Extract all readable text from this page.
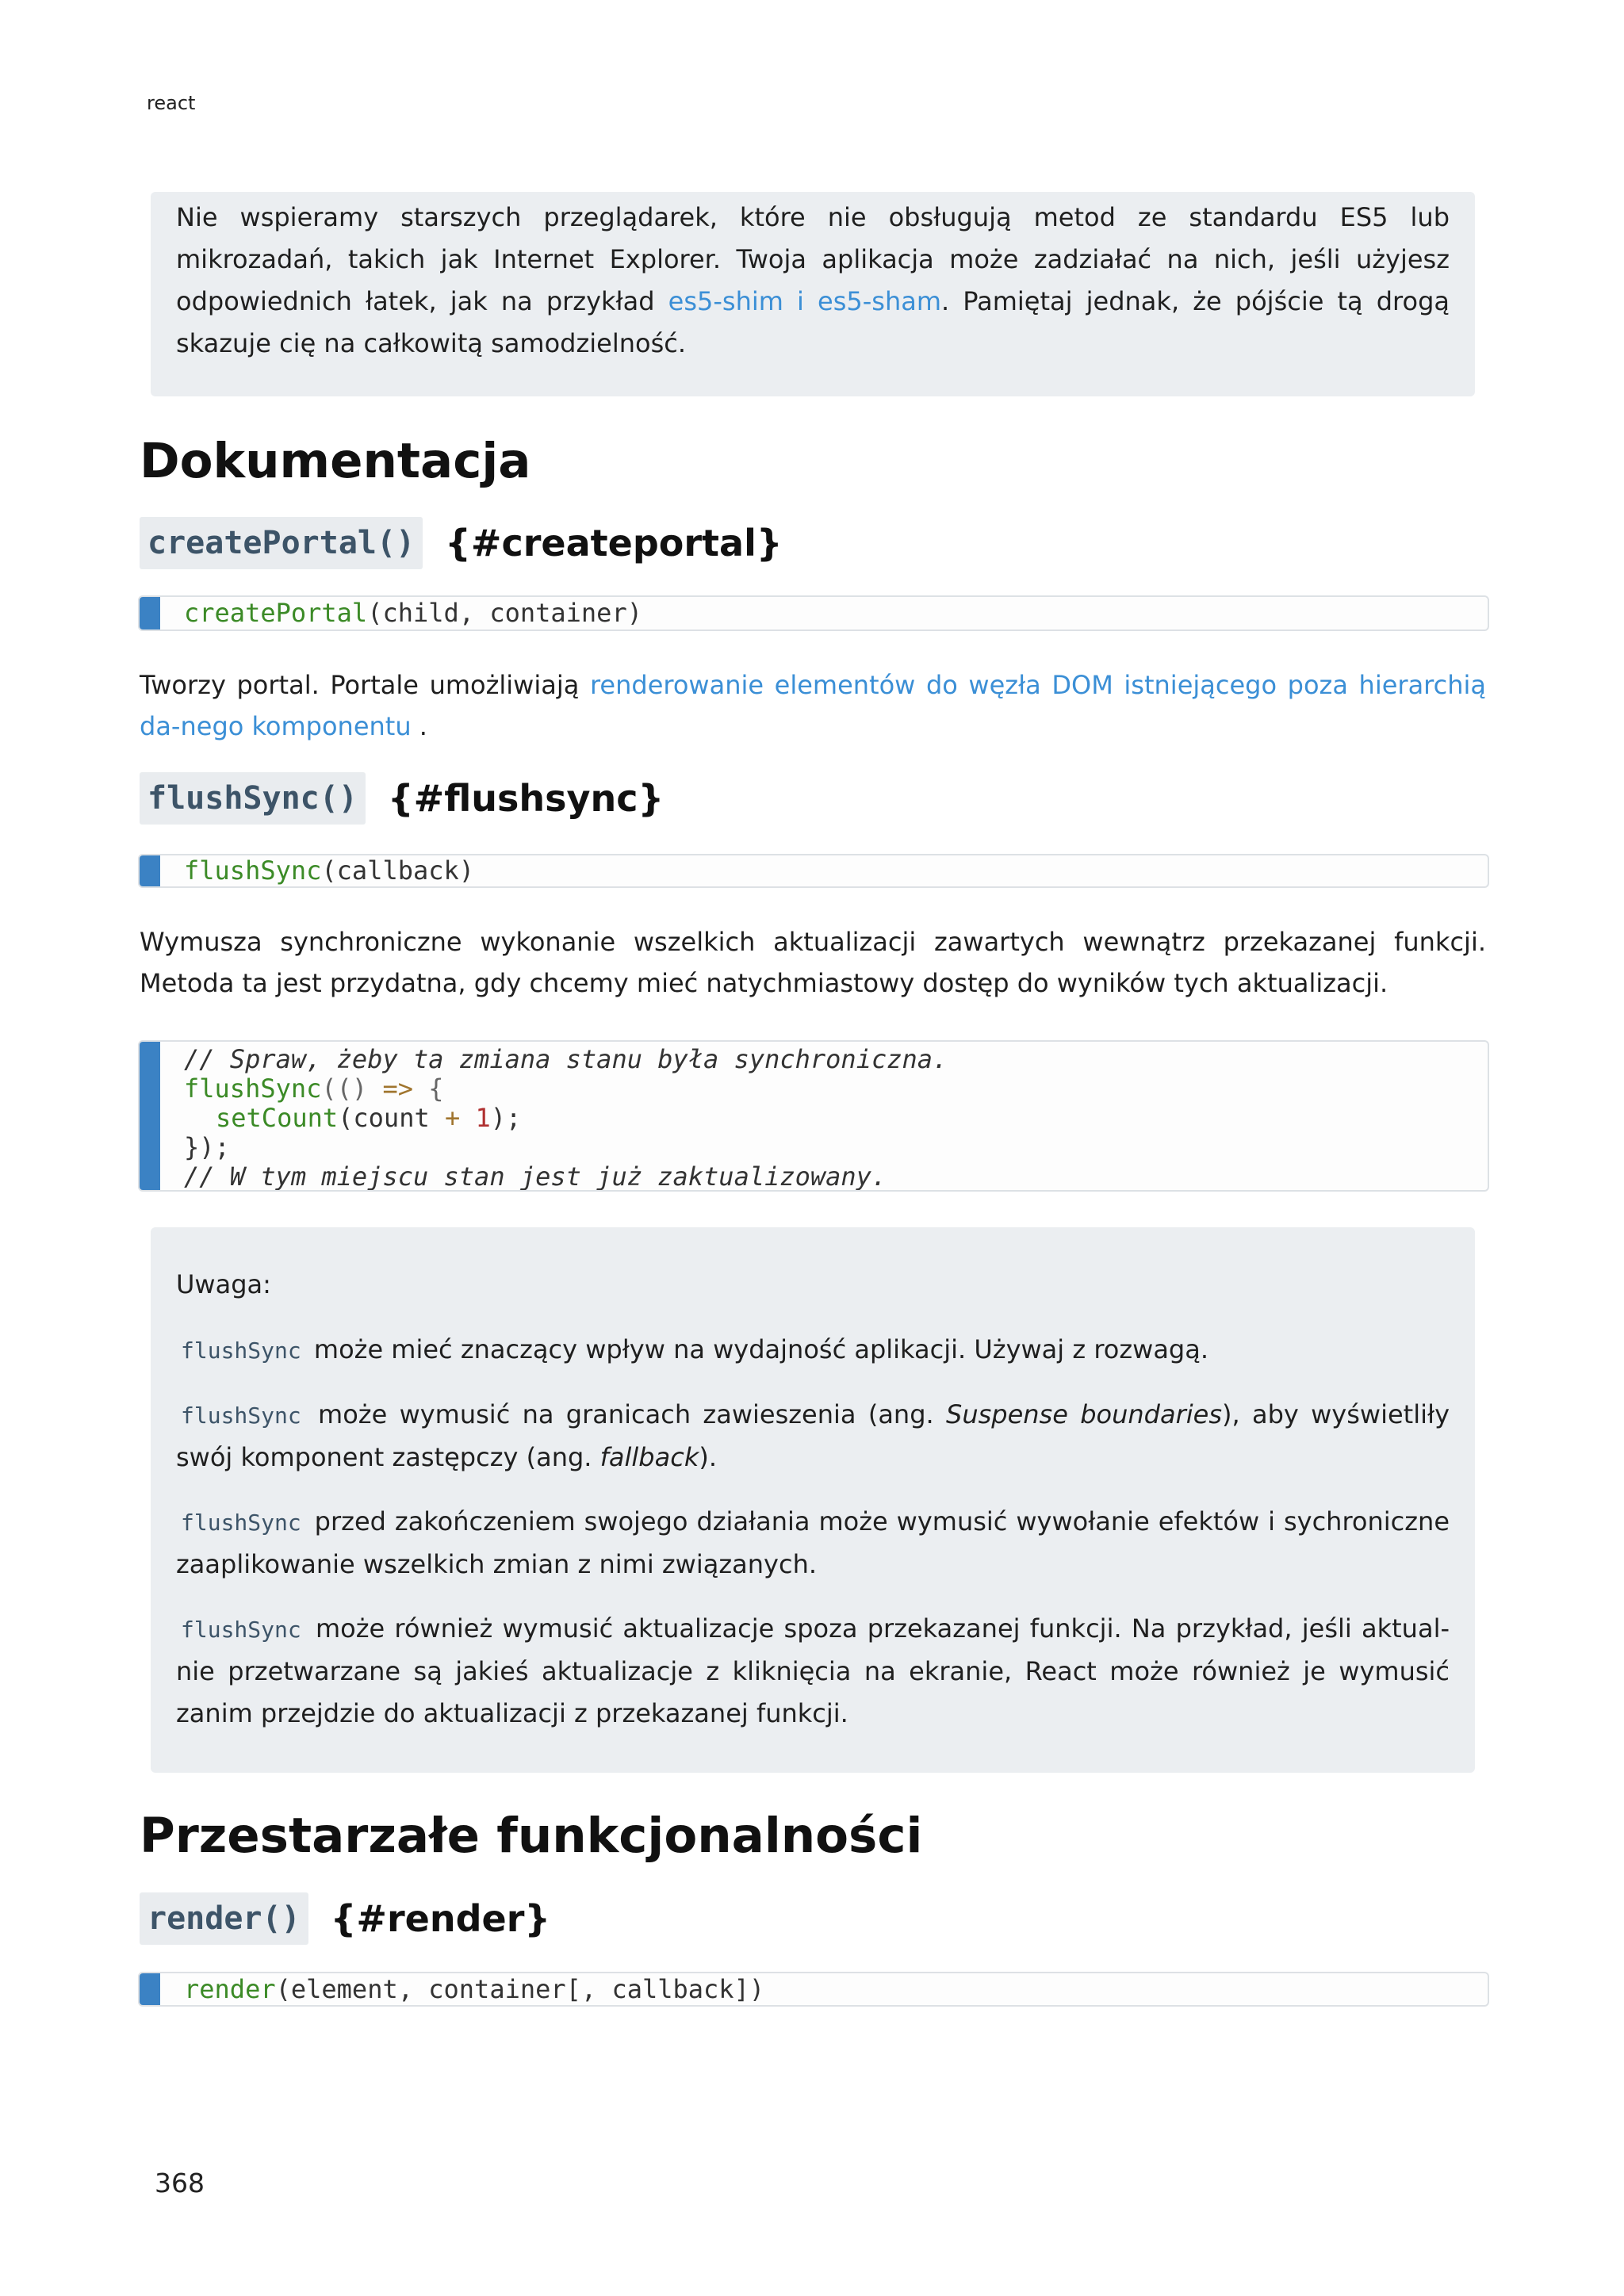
react

Nie wspieramy starszych przeglądarek, które nie obsługują metod ze standardu ES5 lub mikrozadań, takich jak Internet Explorer. Twoja aplikacja może zadziałać na nich, jeśli użyjesz odpowiednich łatek, jak na przykład es5-shim i es5-sham. Pamiętaj jednak, że pójście tą drogą skazuje cię na całkowitą samodzielność.

Dokumentacja
createPortal() {#createportal}
createPortal(child, container)
Tworzy portal. Portale umożliwiają renderowanie elementów do węzła DOM istniejącego poza hierarchią da-nego komponentu .
flushSync() {#flushsync}
flushSync(callback)
Wymusza synchroniczne wykonanie wszelkich aktualizacji zawartych wewnątrz przekazanej funkcji. Metoda ta jest przydatna, gdy chcemy mieć natychmiastowy dostęp do wyników tych aktualizacji.
// Spraw, żeby ta zmiana stanu była synchroniczna.
flushSync(() => {
setCount(count + 1);
});
// W tym miejscu stan jest już zaktualizowany.

Uwaga:

flushSync może mieć znaczący wpływ na wydajność aplikacji. Używaj z rozwagą.

flushSync może wymusić na granicach zawieszenia (ang. Suspense boundaries), aby wyświetliły swój komponent zastępczy (ang. fallback).

flushSync przed zakończeniem swojego działania może wymusić wywołanie efektów i sychroniczne zaaplikowanie wszelkich zmian z nimi związanych.

flushSync może również wymusić aktualizacje spoza przekazanej funkcji. Na przykład, jeśli aktual-nie przetwarzane są jakieś aktualizacje z kliknięcia na ekranie, React może również je wymusić zanim przejdzie do aktualizacji z przekazanej funkcji.

Przestarzałe funkcjonalności
render() {#render}
render(element, container[, callback])
368
